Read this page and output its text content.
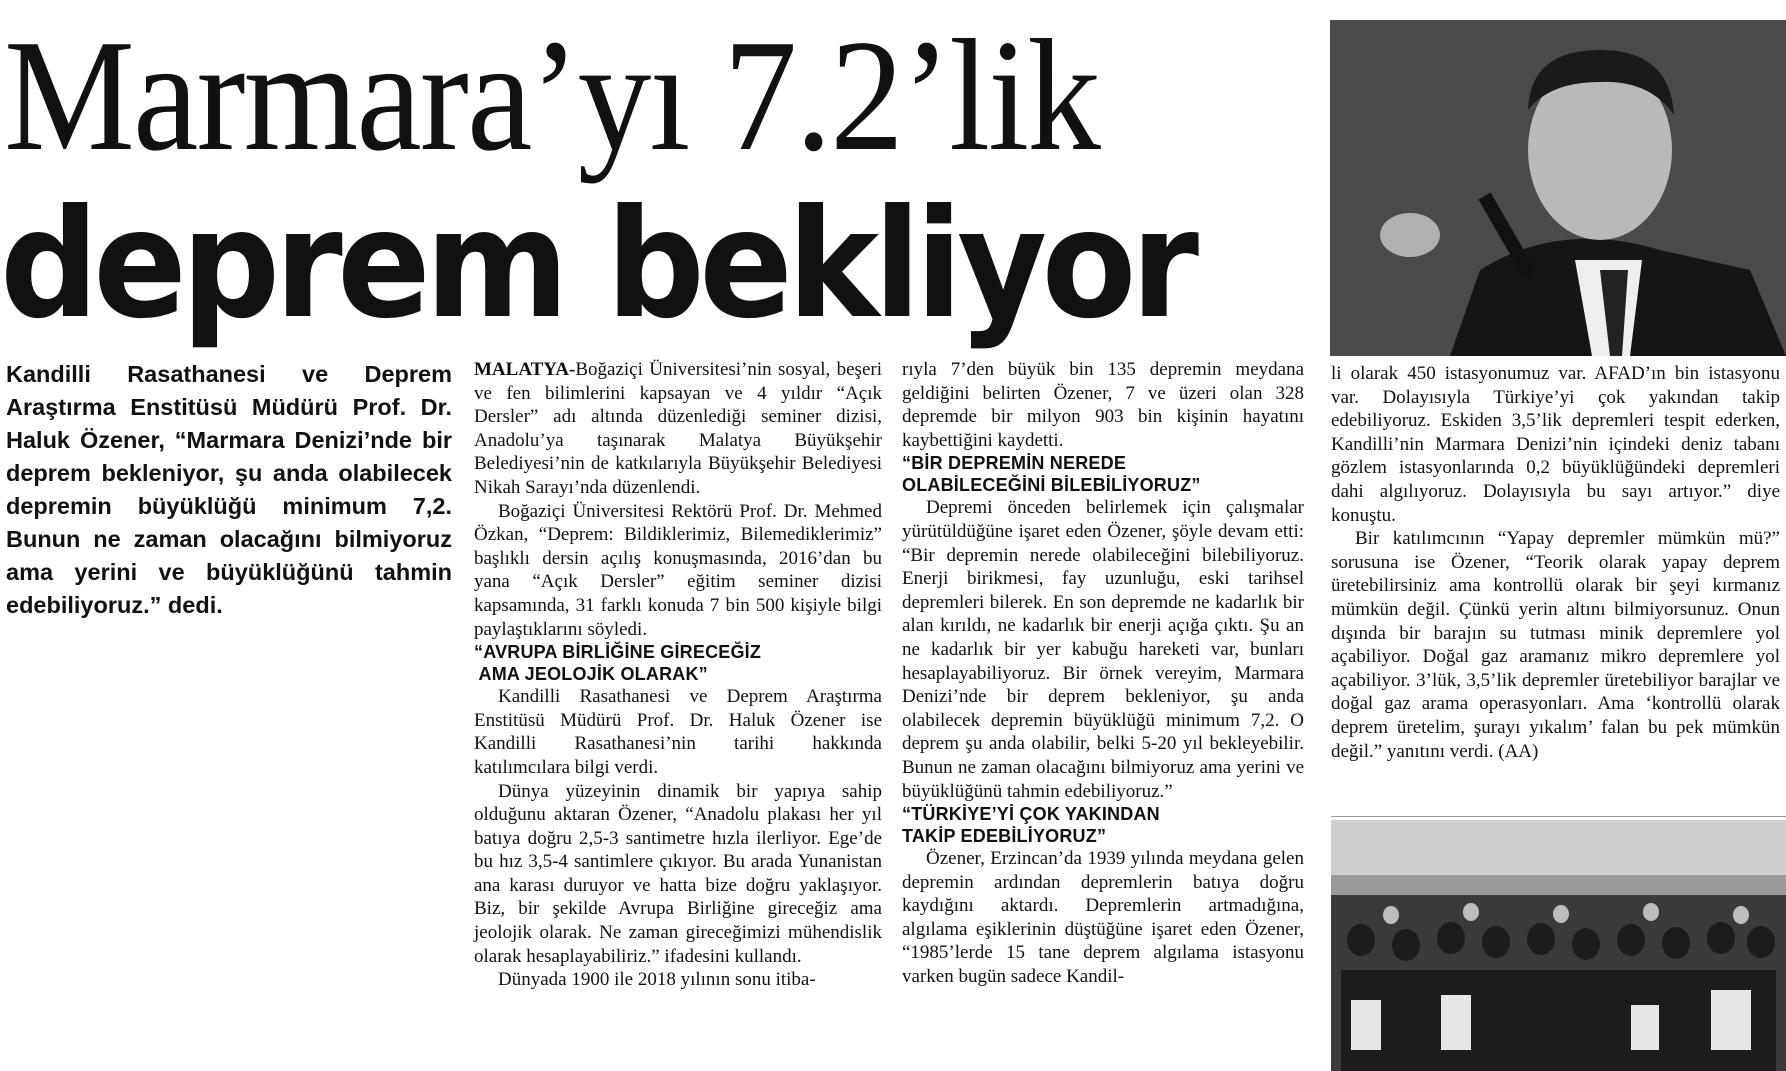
Marmara’yı 7.2’lik
deprem bekliyor
Kandilli Rasathanesi ve Deprem Araştırma Enstitüsü Müdürü Prof. Dr. Haluk Özener, “Marmara Denizi’nde bir deprem bekleniyor, şu anda olabilecek depremin büyüklüğü minimum 7,2. Bunun ne zaman olacağını bilmiyoruz ama yerini ve büyüklüğünü tahmin edebiliyoruz.” dedi.

MALATYA-Boğaziçi Üniversitesi’nin sosyal, beşeri ve fen bilimlerini kapsayan ve 4 yıldır “Açık Dersler” adı altında düzenlediği seminer dizisi, Anadolu’ya taşınarak Malatya Büyükşehir Belediyesi’nin de katkılarıyla Büyükşehir Belediyesi Nikah Sarayı’nda düzenlendi.

Boğaziçi Üniversitesi Rektörü Prof. Dr. Mehmed Özkan, “Deprem: Bildiklerimiz, Bilemediklerimiz” başlıklı dersin açılış konuşmasında, 2016’dan bu yana “Açık Dersler” eğitim seminer dizisi kapsamında, 31 farklı konuda 7 bin 500 kişiyle bilgi paylaştıklarını söyledi.

“AVRUPA BİRLİĞİNE GİRECEĞİZ
AMA JEOLOJİK OLARAK”

Kandilli Rasathanesi ve Deprem Araştırma Enstitüsü Müdürü Prof. Dr. Haluk Özener ise Kandilli Rasathanesi’nin tarihi hakkında katılımcılara bilgi verdi.

Dünya yüzeyinin dinamik bir yapıya sahip olduğunu aktaran Özener, “Anadolu plakası her yıl batıya doğru 2,5-3 santimetre hızla ilerliyor. Ege’de bu hız 3,5-4 santimlere çıkıyor. Bu arada Yunanistan ana karası duruyor ve hatta bize doğru yaklaşıyor. Biz, bir şekilde Avrupa Birliğine gireceğiz ama jeolojik olarak. Ne zaman gireceğimizi mühendislik olarak hesaplayabiliriz.” ifadesini kullandı.

Dünyada 1900 ile 2018 yılının sonu itiba-

rıyla 7’den büyük bin 135 depremin meydana geldiğini belirten Özener, 7 ve üzeri olan 328 depremde bir milyon 903 bin kişinin hayatını kaybettiğini kaydetti.

“BİR DEPREMİN NEREDE
OLABİLECEĞİNİ BİLEBİLİYORUZ”

Depremi önceden belirlemek için çalışmalar yürütüldüğüne işaret eden Özener, şöyle devam etti: “Bir depremin nerede olabileceğini bilebiliyoruz. Enerji birikmesi, fay uzunluğu, eski tarihsel depremleri bilerek. En son depremde ne kadarlık bir alan kırıldı, ne kadarlık bir enerji açığa çıktı. Şu an ne kadarlık bir yer kabuğu hareketi var, bunları hesaplayabiliyoruz. Bir örnek vereyim, Marmara Denizi’nde bir deprem bekleniyor, şu anda olabilecek depremin büyüklüğü minimum 7,2. O deprem şu anda olabilir, belki 5-20 yıl bekleyebilir. Bunun ne zaman olacağını bilmiyoruz ama yerini ve büyüklüğünü tahmin edebiliyoruz.”

“TÜRKİYE’Yİ ÇOK YAKINDAN
TAKİP EDEBİLİYORUZ”

Özener, Erzincan’da 1939 yılında meydana gelen depremin ardından depremlerin batıya doğru kaydığını aktardı. Depremlerin artmadığına, algılama eşiklerinin düştüğüne işaret eden Özener, “1985’lerde 15 tane deprem algılama istasyonu varken bugün sadece Kandil-

li olarak 450 istasyonumuz var. AFAD’ın bin istasyonu var. Dolayısıyla Türkiye’yi çok yakından takip edebiliyoruz. Eskiden 3,5’lik depremleri tespit ederken, Kandilli’nin Marmara Denizi’nin içindeki deniz tabanı gözlem istasyonlarında 0,2 büyüklüğündeki depremleri dahi algılıyoruz. Dolayısıyla bu sayı artıyor.” diye konuştu.

Bir katılımcının “Yapay depremler mümkün mü?” sorusuna ise Özener, “Teorik olarak yapay deprem üretebilirsiniz ama kontrollü olarak bir şeyi kırmanız mümkün değil. Çünkü yerin altını bilmiyorsunuz. Onun dışında bir barajın su tutması minik depremlere yol açabiliyor. Doğal gaz aramanız mikro depremlere yol açabiliyor. 3’lük, 3,5’lik depremler üretebiliyor barajlar ve doğal gaz arama operasyonları. Ama ‘kontrollü olarak deprem üretelim, şurayı yıkalım’ falan bu pek mümkün değil.” yanıtını verdi. (AA)
